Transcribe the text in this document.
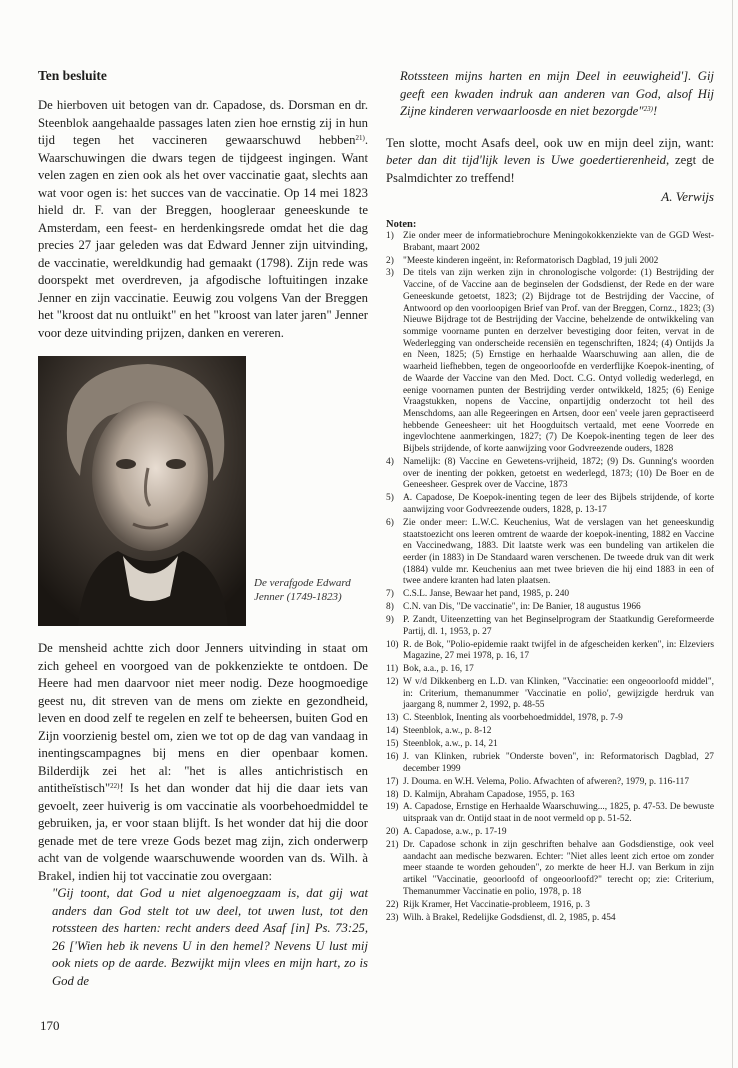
Ten besluite

De hierboven uit betogen van dr. Capadose, ds. Dorsman en dr. Steenblok aangehaalde passages laten zien hoe ernstig zij in hun tijd tegen het vaccineren gewaarschuwd hebben$^{21)}$. Waarschuwingen die dwars tegen de tijdgeest ingingen. Want velen zagen en zien ook als het over vaccinatie gaat, slechts aan wat voor ogen is: het succes van de vaccinatie. Op 14 mei 1823 hield dr. F. van der Breggen, hoogleraar geneeskunde te Amsterdam, een feest- en herdenkingsrede omdat het die dag precies 27 jaar geleden was dat Edward Jenner zijn uitvinding, de vaccinatie, wereldkundig had gemaakt (1798). Zijn rede was doorspekt met overdreven, ja afgodische loftuitingen inzake Jenner en zijn vaccinatie. Eeuwig zou volgens Van der Breggen het "kroost dat nu ontluikt" en het "kroost van later jaren" Jenner voor deze uitvinding prijzen, danken en vereren.

De verafgode Edward Jenner (1749-1823)

De mensheid achtte zich door Jenners uitvinding in staat om zich geheel en voorgoed van de pokkenziekte te ontdoen. De Heere had men daarvoor niet meer nodig. Deze hoogmoedige geest nu, dit streven van de mens om ziekte en gezondheid, leven en dood zelf te regelen en zelf te beheersen, buiten God en Zijn voorzienig bestel om, zien we tot op de dag van vandaag in inentingscampagnes bij mens en dier openbaar komen. Bilderdijk zei het al: "het is alles antichristisch en antitheïstisch"$^{22)}$! Is het dan wonder dat hij die daar iets van gevoelt, zeer huiverig is om vaccinatie als voorbehoedmiddel te gebruiken, ja, er voor staan blijft. Is het wonder dat hij die door genade met de tere vreze Gods bezet mag zijn, zich onderwerp acht van de volgende waarschuwende woorden van ds. Wilh. à Brakel, indien hij tot vaccinatie zou overgaan:

"Gij toont, dat God u niet algenoegzaam is, dat gij wat anders dan God stelt tot uw deel, tot uwen lust, tot den rotssteen des harten: recht anders deed Asaf [in] Ps. 73:25, 26 ['Wien heb ik nevens U in den hemel? Nevens U lust mij ook niets op de aarde. Bezwijkt mijn vlees en mijn hart, zo is God de

Rotssteen mijns harten en mijn Deel in eeuwigheid']. Gij geeft een kwaden indruk aan anderen van God, alsof Hij Zijne kinderen verwaarloosde en niet bezorgde"$^{23)}$!

Ten slotte, mocht Asafs deel, ook uw en mijn deel zijn, want: beter dan dit tijd'lijk leven is Uwe goedertierenheid, zegt de Psalmdichter zo treffend!

A. Verwijs
Noten:
1) Zie onder meer de informatiebrochure Meningokokkenziekte van de GGD West-Brabant, maart 2002
2) "Meeste kinderen ingeënt, in: Reformatorisch Dagblad, 19 juli 2002
3) De titels van zijn werken zijn in chronologische volgorde: (1) Bestrijding der Vaccine, of de Vaccine aan de beginselen der Godsdienst, der Rede en der ware Geneeskunde getoetst, 1823; (2) Bijdrage tot de Bestrijding der Vaccine, of Antwoord op den voorloopigen Brief van Prof. van der Breggen, Cornz., 1823; (3) Nieuwe Bijdrage tot de Bestrijding der Vaccine, behelzende de ontwikkeling van sommige voorname punten en derzelver bevestiging door feiten, vervat in de Wederlegging van onderscheide recensiën en tegenschriften, 1824; (4) Ontijds Ja en Neen, 1825; (5) Ernstige en herhaalde Waarschuwing aan allen, die de waarheid liefhebben, tegen de ongeoorloofde en verderflijke Koepok-inenting, of de Waarde der Vaccine van den Med. Doct. C.G. Ontyd volledig wederlegd, en eenige voornamen punten der Bestrijding verder ontwikkeld, 1825; (6) Eenige Vraagstukken, nopens de Vaccine, onpartijdig onderzocht tot heil des Menschdoms, aan alle Regeeringen en Artsen, door een' veele jaren gepractiseerd hebbende Geneesheer: uit het Hoogduitsch vertaald, met eene Voorrede en ingevlochtene aanmerkingen, 1827; (7) De Koepok-inenting tegen de leer des Bijbels strijdende, of korte aanwijzing voor Godvreezende ouders, 1828
4) Namelijk: (8) Vaccine en Gewetens-vrijheid, 1872; (9) Ds. Gunning's woorden over de inenting der pokken, getoetst en wederlegd, 1873; (10) De Boer en de Geneesheer. Gesprek over de Vaccine, 1873
5) A. Capadose, De Koepok-inenting tegen de leer des Bijbels strijdende, of korte aanwijzing voor Godvreezende ouders, 1828, p. 13-17
6) Zie onder meer: L.W.C. Keuchenius, Wat de verslagen van het geneeskundig staatstoezicht ons leeren omtrent de waarde der koepok-inenting, 1882 en Vaccine en Vaccinedwang, 1883. Dit laatste werk was een bundeling van artikelen die eerder (in 1883) in De Standaard waren verschenen. De tweede druk van dit werk (1884) vulde mr. Keuchenius aan met twee brieven die hij eind 1883 in een of twee andere kranten had laten plaatsen.
7) C.S.L. Janse, Bewaar het pand, 1985, p. 240
8) C.N. van Dis, "De vaccinatie", in: De Banier, 18 augustus 1966
9) P. Zandt, Uiteenzetting van het Beginselprogram der Staatkundig Gereformeerde Partij, dl. 1, 1953, p. 27
10) R. de Bok, "Polio-epidemie raakt twijfel in de afgescheiden kerken", in: Elzeviers Magazine, 27 mei 1978, p. 16, 17
11) Bok, a.a., p. 16, 17
12) W v/d Dikkenberg en L.D. van Klinken, "Vaccinatie: een ongeoorloofd middel", in: Criterium, themanummer 'Vaccinatie en polio', gewijzigde herdruk van jaargang 8, nummer 2, 1992, p. 48-55
13) C. Steenblok, Inenting als voorbehoedmiddel, 1978, p. 7-9
14) Steenblok, a.w., p. 8-12
15) Steenblok, a.w., p. 14, 21
16) J. van Klinken, rubriek "Onderste boven", in: Reformatorisch Dagblad, 27 december 1999
17) J. Douma. en W.H. Velema, Polio. Afwachten of afweren?, 1979, p. 116-117
18) D. Kalmijn, Abraham Capadose, 1955, p. 163
19) A. Capadose, Ernstige en Herhaalde Waarschuwing..., 1825, p. 47-53. De bewuste uitspraak van dr. Ontijd staat in de noot vermeld op p. 51-52.
20) A. Capadose, a.w., p. 17-19
21) Dr. Capadose schonk in zijn geschriften behalve aan Godsdienstige, ook veel aandacht aan medische bezwaren. Echter: "Niet alles leent zich ertoe om zonder meer staande te worden gehouden", zo merkte de heer H.J. van Berkum in zijn artikel "Vaccinatie, geoorloofd of ongeoorloofd?" terecht op; zie: Criterium, Themanummer Vaccinatie en polio, 1978, p. 18
22) Rijk Kramer, Het Vaccinatie-probleem, 1916, p. 3
23) Wilh. à Brakel, Redelijke Godsdienst, dl. 2, 1985, p. 454
170
